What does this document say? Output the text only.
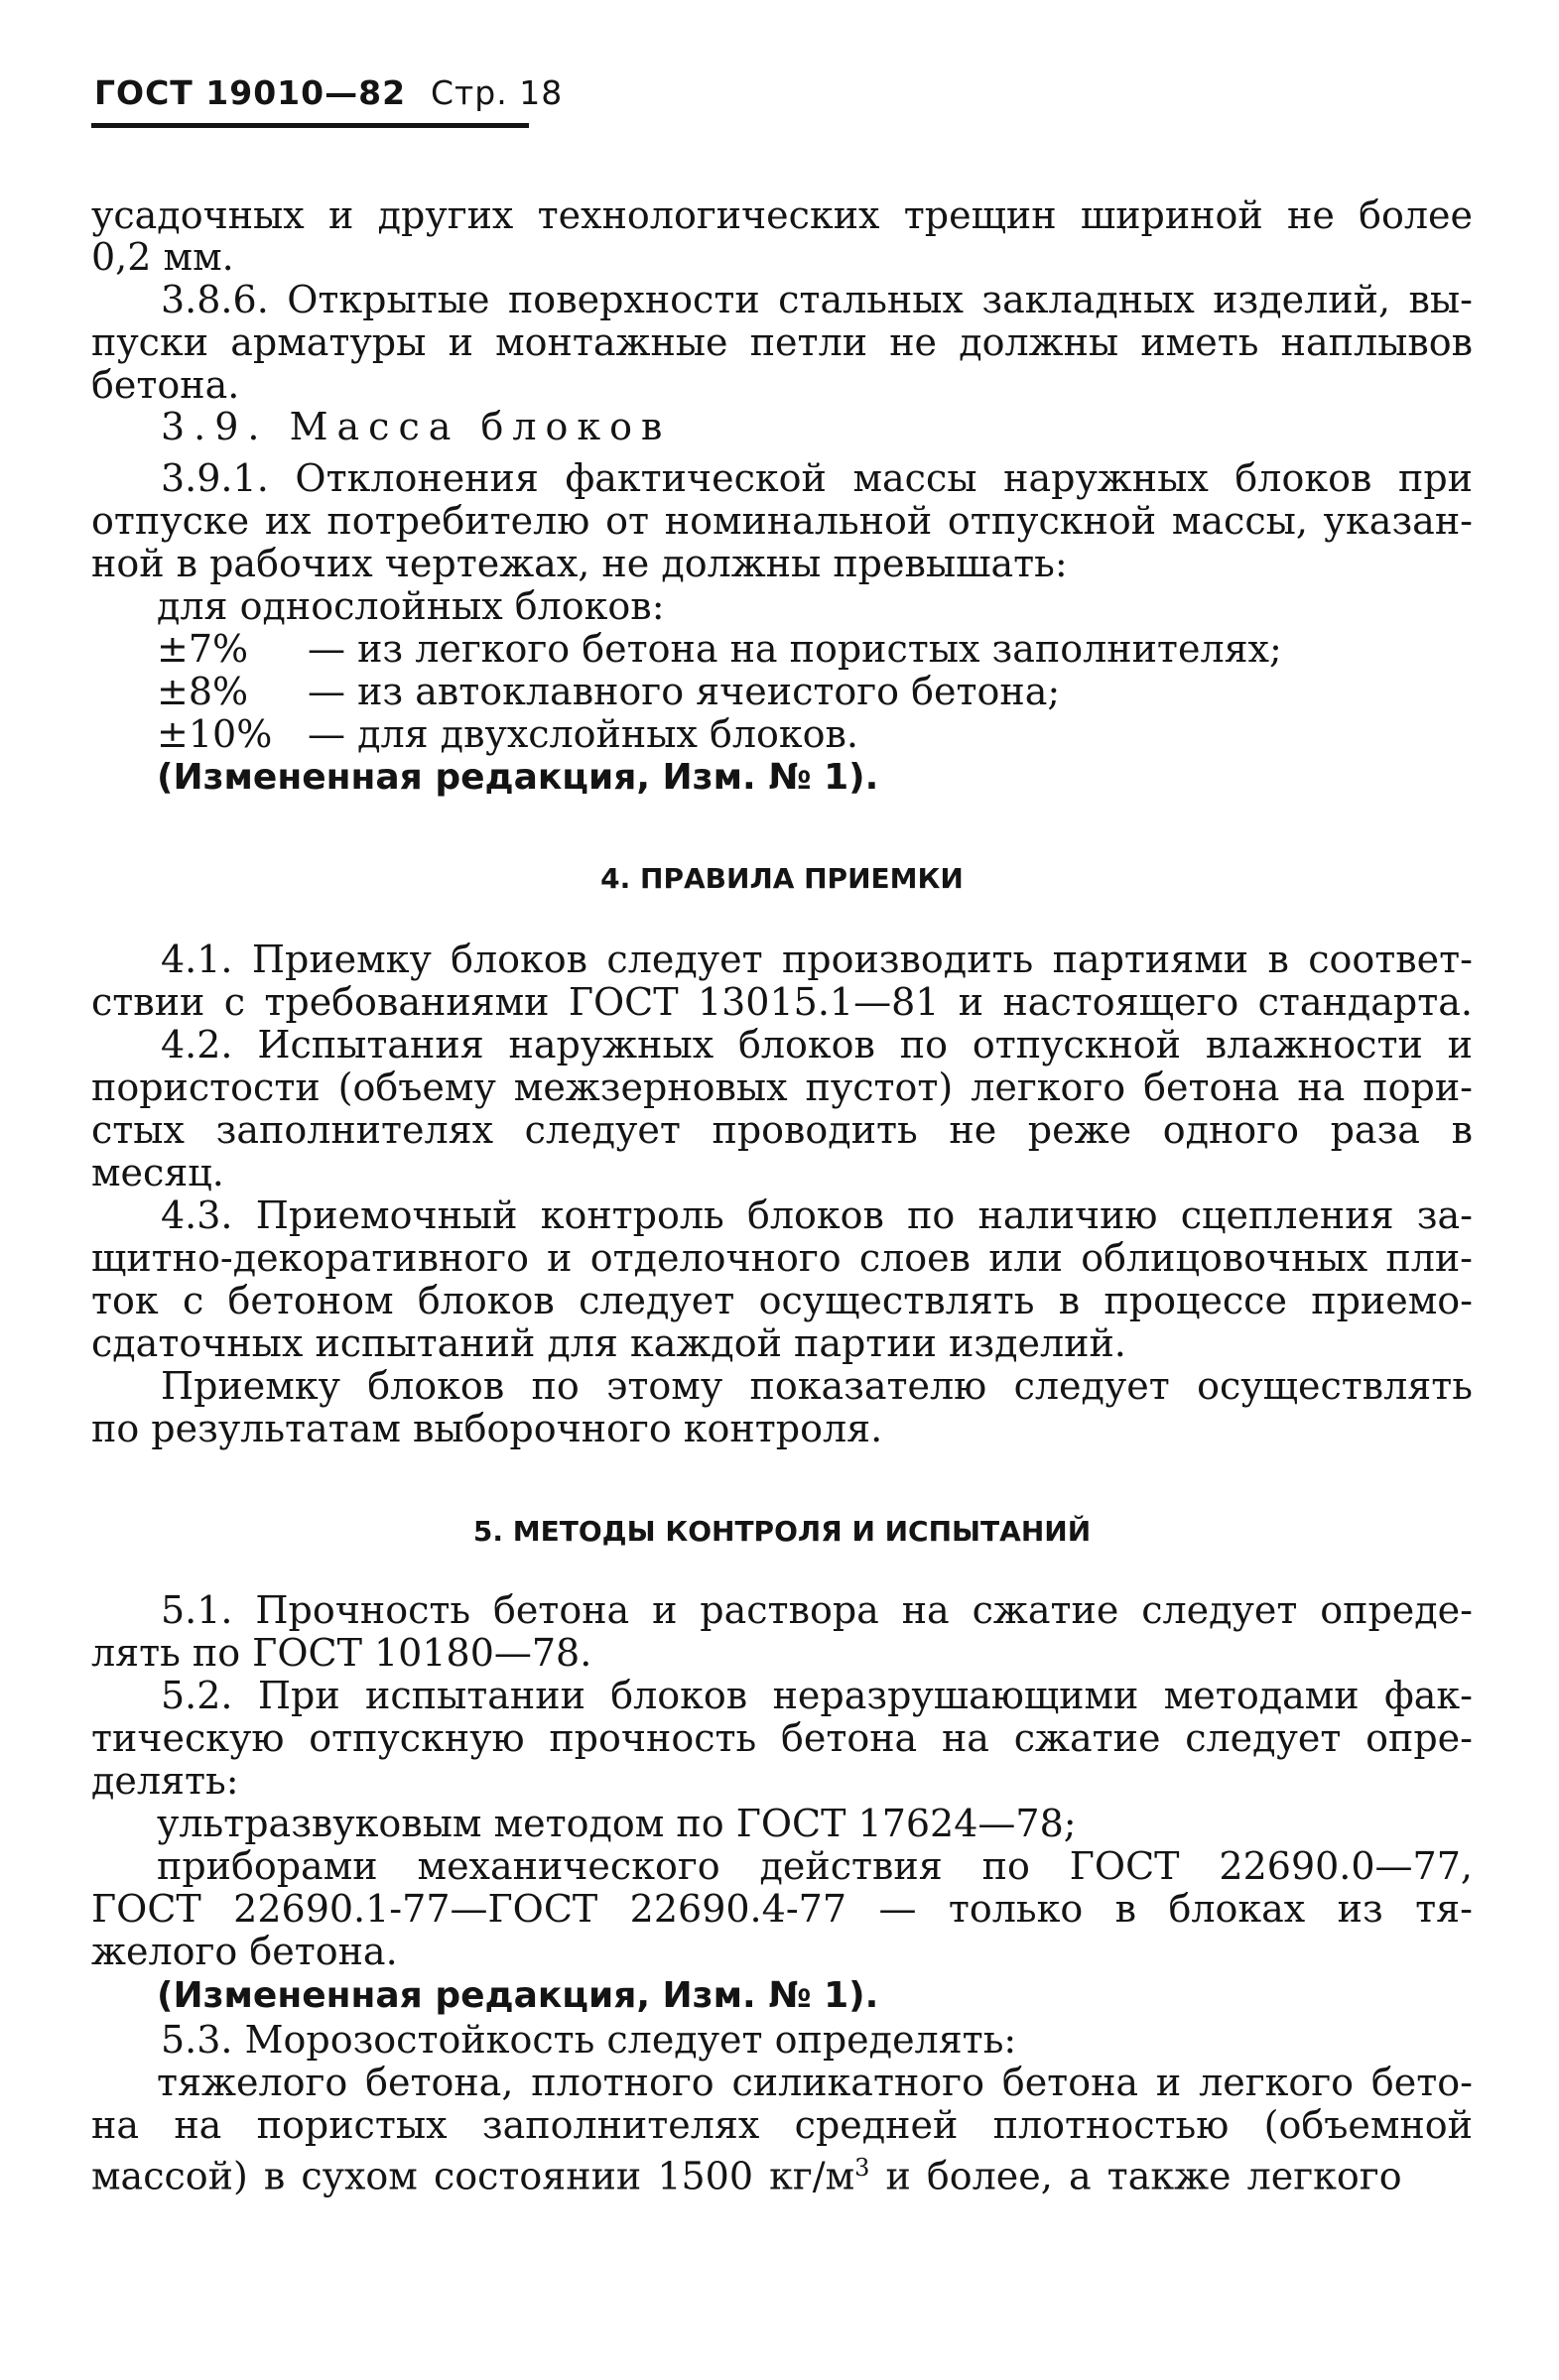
ГОСТ 19010—82 Стр. 18
усадочных и других технологических трещин шириной не более
0,2 мм.
3.8.6. Открытые поверхности стальных закладных изделий, вы-
пуски арматуры и монтажные петли не должны иметь наплывов
бетона.
3.9. Масса блоков
3.9.1. Отклонения фактической массы наружных блоков при
отпуске их потребителю от номинальной отпускной массы, указан-
ной в рабочих чертежах, не должны превышать:
для однослойных блоков:
±7% — из легкого бетона на пористых заполнителях;
±8% — из автоклавного ячеистого бетона;
±10% — для двухслойных блоков.
(Измененная редакция, Изм. № 1).
4. ПРАВИЛА ПРИЕМКИ
4.1. Приемку блоков следует производить партиями в соответ-
ствии с требованиями ГОСТ 13015.1—81 и настоящего стандарта.
4.2. Испытания наружных блоков по отпускной влажности и
пористости (объему межзерновых пустот) легкого бетона на пори-
стых заполнителях следует проводить не реже одного раза в
месяц.
4.3. Приемочный контроль блоков по наличию сцепления за-
щитно-декоративного и отделочного слоев или облицовочных пли-
ток с бетоном блоков следует осуществлять в процессе приемо-
сдаточных испытаний для каждой партии изделий.
Приемку блоков по этому показателю следует осуществлять
по результатам выборочного контроля.
5. МЕТОДЫ КОНТРОЛЯ И ИСПЫТАНИЙ
5.1. Прочность бетона и раствора на сжатие следует опреде-
лять по ГОСТ 10180—78.
5.2. При испытании блоков неразрушающими методами фак-
тическую отпускную прочность бетона на сжатие следует опре-
делять:
ультразвуковым методом по ГОСТ 17624—78;
приборами механического действия по ГОСТ 22690.0—77,
ГОСТ 22690.1-77—ГОСТ 22690.4-77 — только в блоках из тя-
желого бетона.
(Измененная редакция, Изм. № 1).
5.3. Морозостойкость следует определять:
тяжелого бетона, плотного силикатного бетона и легкого бето-
на на пористых заполнителях средней плотностью (объемной
массой) в сухом состоянии 1500 $кг/м^3$ и более, а также легкого
